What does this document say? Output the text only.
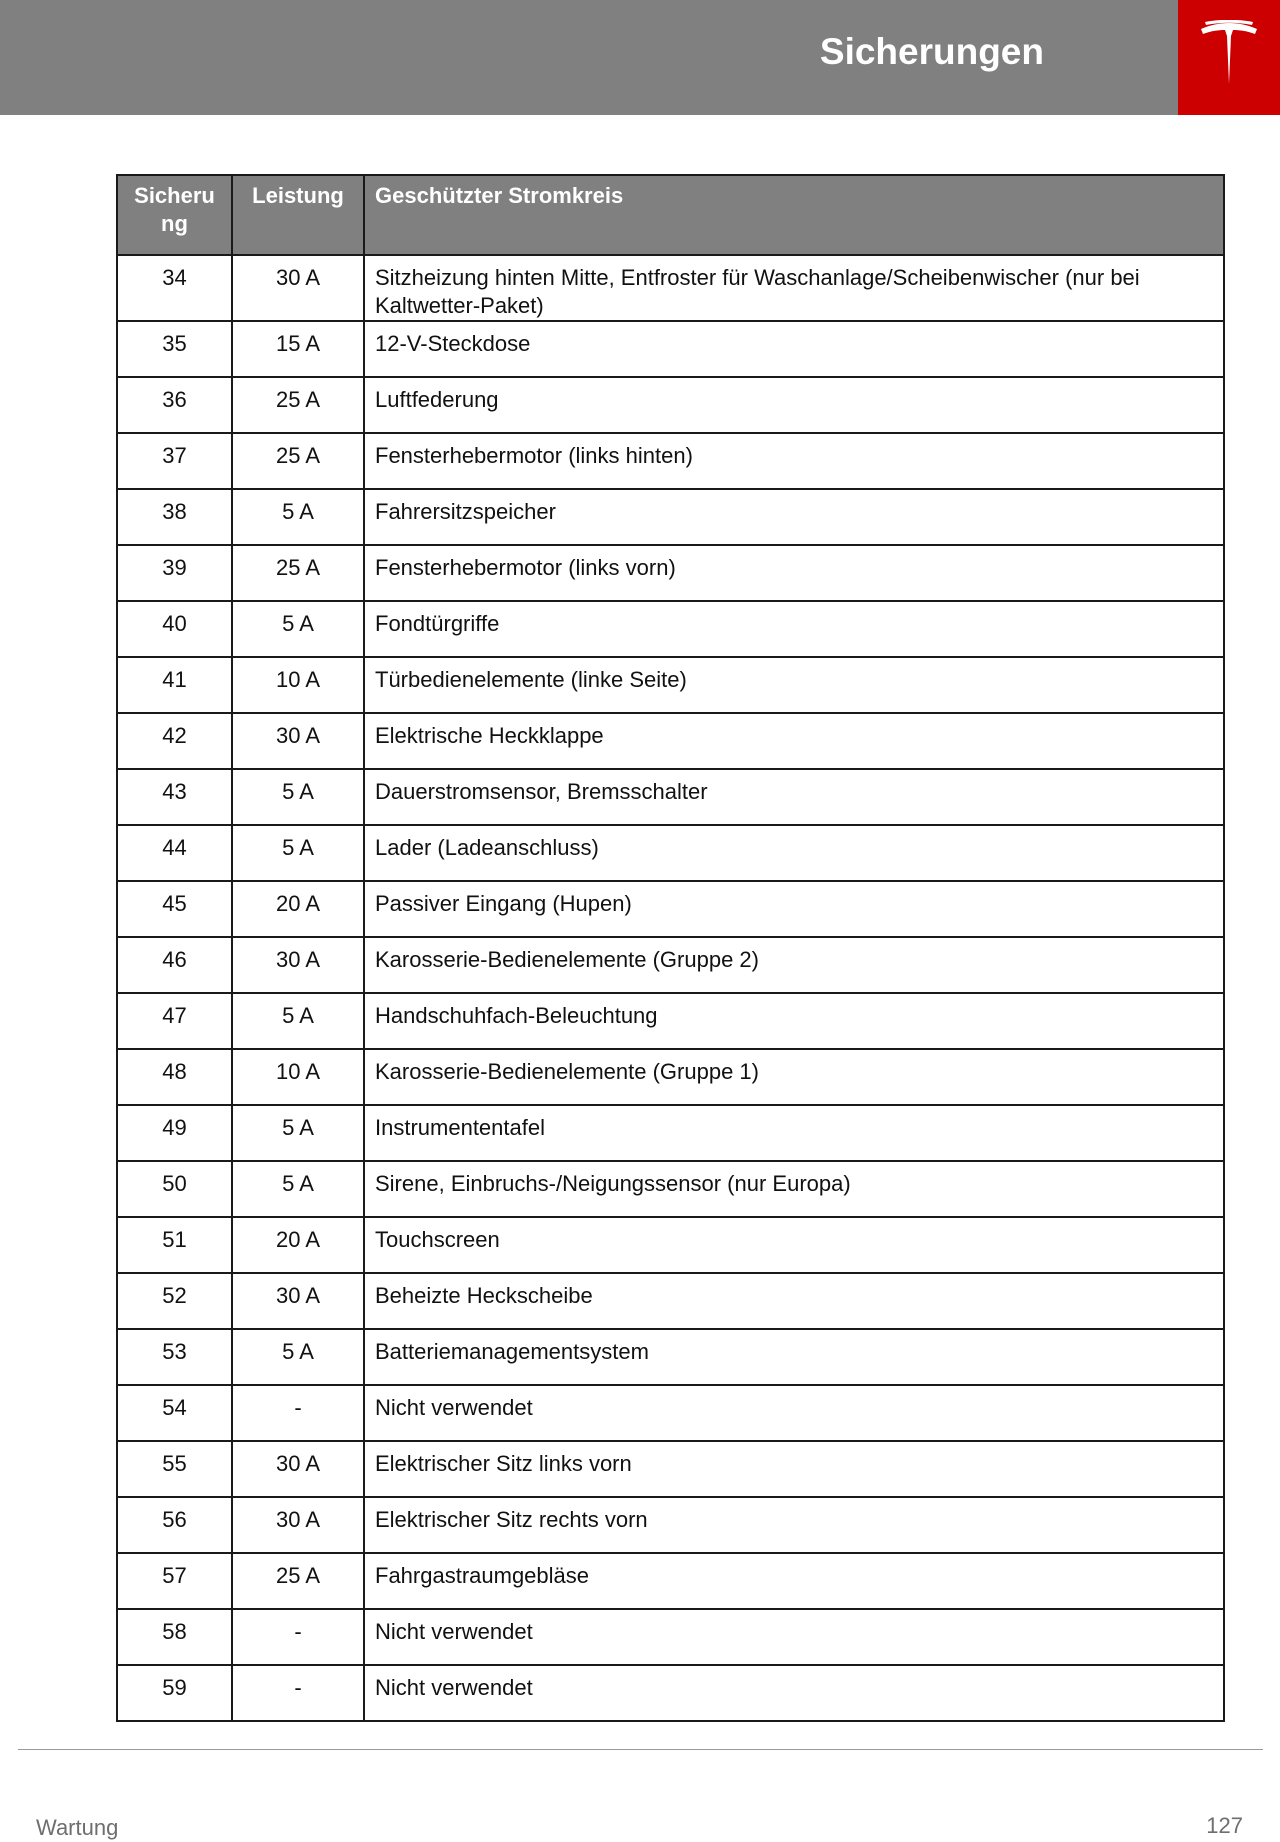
Sicherungen
Sicheru ng	Leistung	Geschützter Stromkreis
34	30 A	Sitzheizung hinten Mitte, Entfroster für Waschanlage/Scheibenwischer (nur bei Kaltwetter-Paket)
35	15 A	12-V-Steckdose
36	25 A	Luftfederung
37	25 A	Fensterhebermotor (links hinten)
38	5 A	Fahrersitzspeicher
39	25 A	Fensterhebermotor (links vorn)
40	5 A	Fondtürgriffe
41	10 A	Türbedienelemente (linke Seite)
42	30 A	Elektrische Heckklappe
43	5 A	Dauerstromsensor, Bremsschalter
44	5 A	Lader (Ladeanschluss)
45	20 A	Passiver Eingang (Hupen)
46	30 A	Karosserie-Bedienelemente (Gruppe 2)
47	5 A	Handschuhfach-Beleuchtung
48	10 A	Karosserie-Bedienelemente (Gruppe 1)
49	5 A	Instrumententafel
50	5 A	Sirene, Einbruchs-/Neigungssensor (nur Europa)
51	20 A	Touchscreen
52	30 A	Beheizte Heckscheibe
53	5 A	Batteriemanagementsystem
54	-	Nicht verwendet
55	30 A	Elektrischer Sitz links vorn
56	30 A	Elektrischer Sitz rechts vorn
57	25 A	Fahrgastraumgebläse
58	-	Nicht verwendet
59	-	Nicht verwendet
Wartung	127
